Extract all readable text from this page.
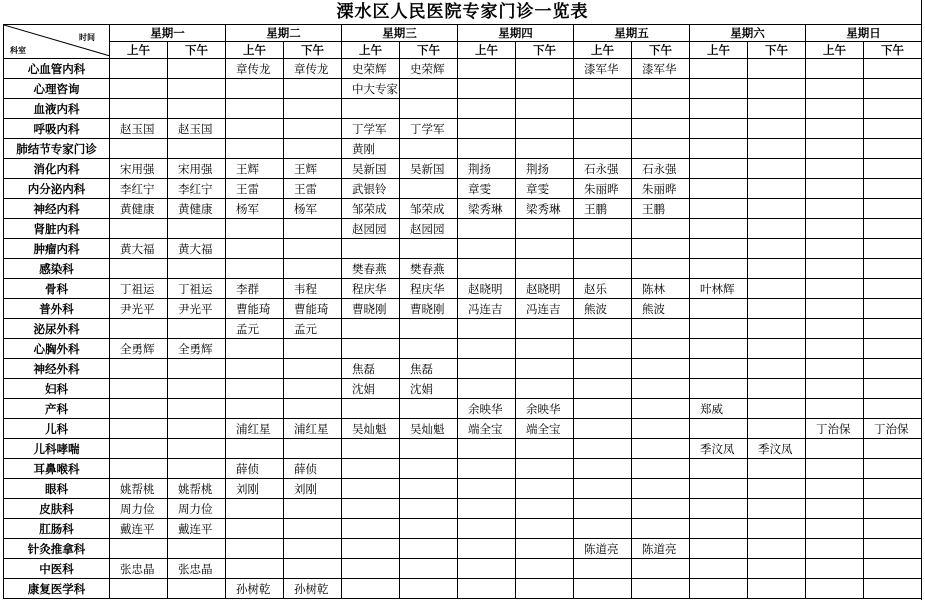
溧水区人民医院专家门诊一览表
时间
科室	星期一		星期二		星期三		星期四		星期五		星期六		星期日	
	上午	下午	上午	下午	上午	下午	上午	下午	上午	下午	上午	下午	上午	下午
心血管内科			章传龙	章传龙	史荣辉	史荣辉			漆军华	漆军华				
心理咨询					中大专家									
血液内科														
呼吸内科	赵玉国	赵玉国			丁学军	丁学军								
肺结节专家门诊					黄刚									
消化内科	宋用强	宋用强	王辉	王辉	吴新国	吴新国	荆扬	荆扬	石永强	石永强				
内分泌内科	李红宁	李红宁	王雷	王雷	武银铃		章雯	章雯	朱丽晔	朱丽晔				
神经内科	黄健康	黄健康	杨军	杨军	邹荣成	邹荣成	梁秀琳	梁秀琳	王鹏	王鹏				
肾脏内科					赵园园	赵园园								
肿瘤内科	黄大福	黄大福												
感染科					樊春燕	樊春燕								
骨科	丁祖运	丁祖运	李群	韦程	程庆华	程庆华	赵晓明	赵晓明	赵乐	陈林	叶林辉			
普外科	尹光平	尹光平	曹能琦	曹能琦	曹晓刚	曹晓刚	冯连吉	冯连吉	熊波	熊波				
泌尿外科			孟元	孟元										
心胸外科	全勇辉	全勇辉												
神经外科					焦磊	焦磊								
妇科					沈娟	沈娟								
产科							余映华	余映华			郑威			
儿科			浦红星	浦红星	吴灿魁	吴灿魁	端全宝	端全宝					丁治保	丁治保
儿科哮喘											季汶凤	季汶凤		
耳鼻喉科			薛侦	薛侦										
眼科	姚帮桃	姚帮桃	刘刚	刘刚										
皮肤科	周力俭	周力俭												
肛肠科	戴连平	戴连平												
针灸推拿科									陈道亮	陈道亮				
中医科	张忠晶	张忠晶												
康复医学科			孙树乾	孙树乾										
